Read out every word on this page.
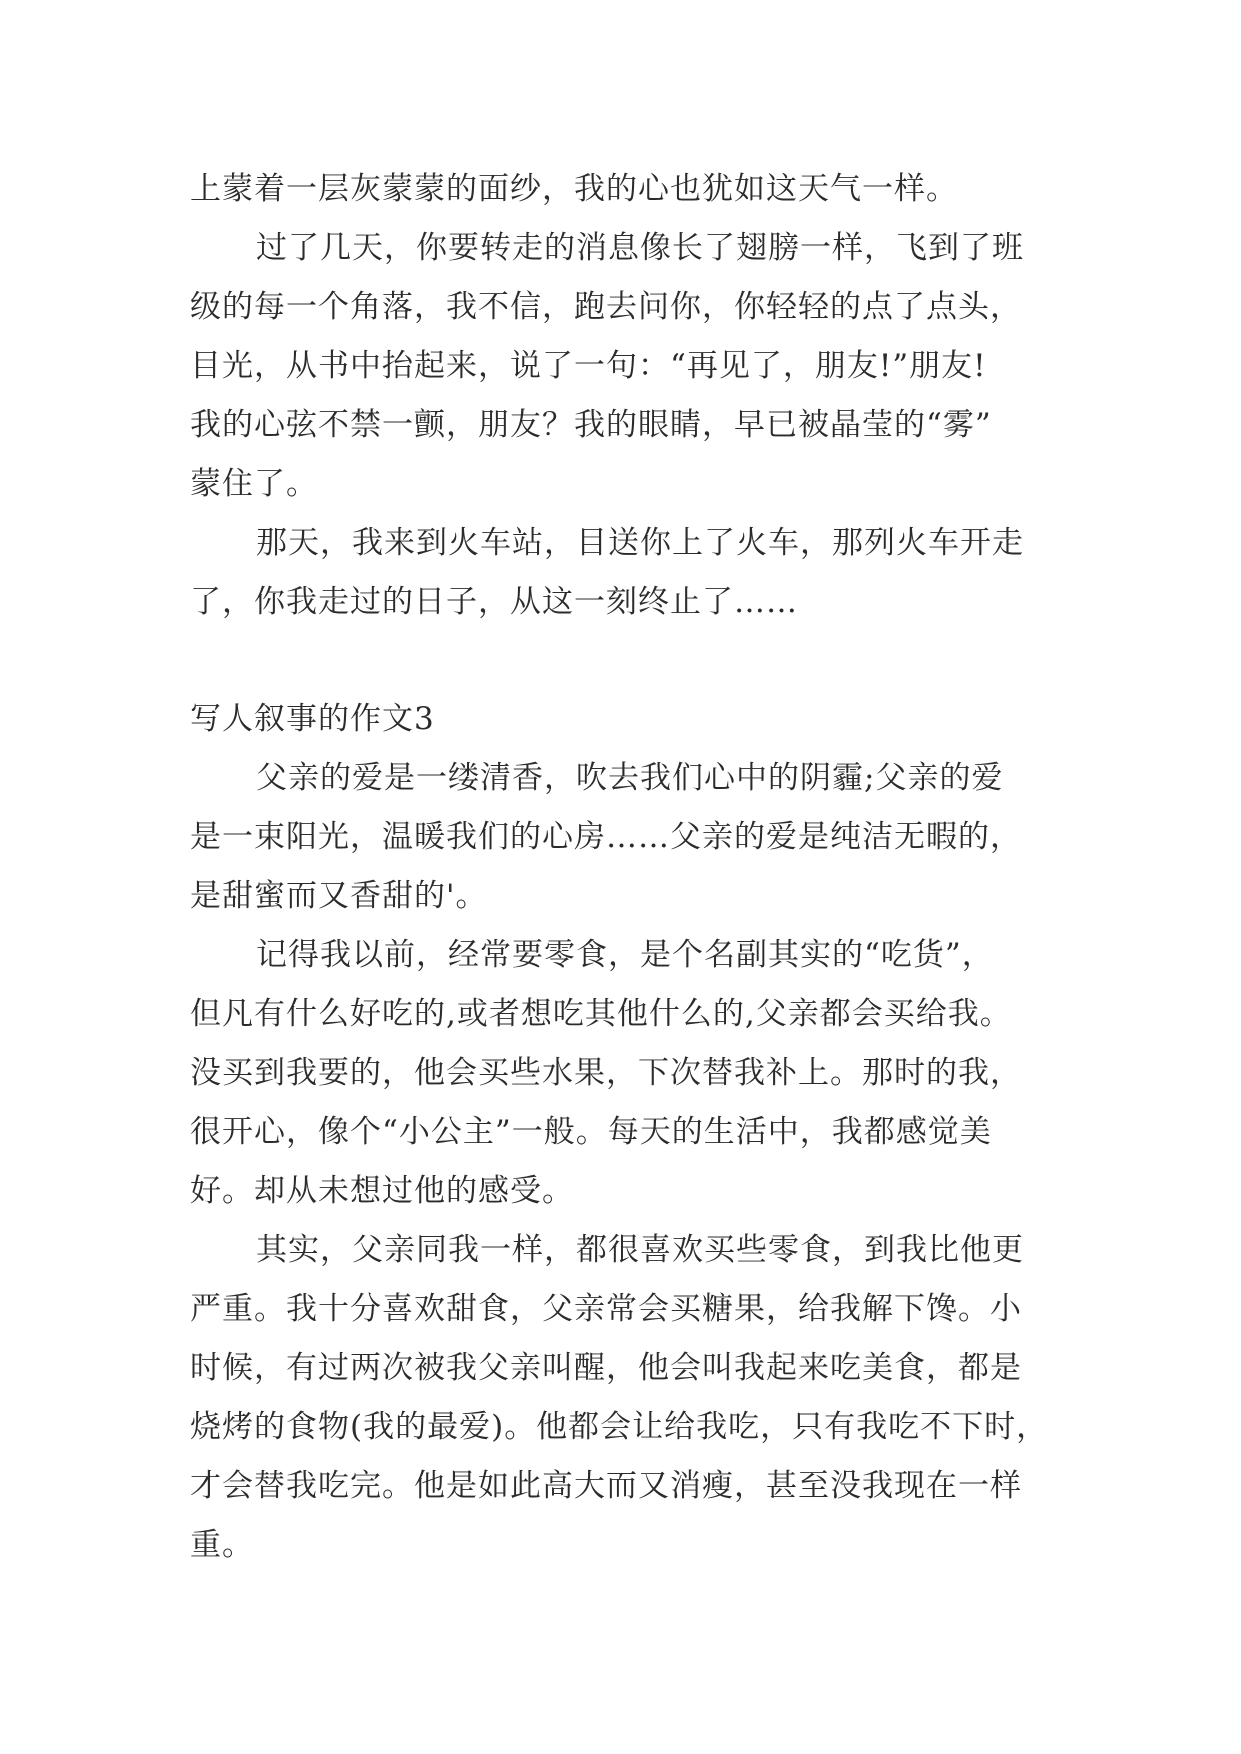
上蒙着一层灰蒙蒙的面纱，我的心也犹如这天气一样。
过了几天，你要转走的消息像长了翅膀一样，飞到了班
级的每一个角落，我不信，跑去问你，你轻轻的点了点头，
目光，从书中抬起来，说了一句：“再见了，朋友!”朋友!
我的心弦不禁一颤，朋友？我的眼睛，早已被晶莹的“雾”
蒙住了。
那天，我来到火车站，目送你上了火车，那列火车开走
了，你我走过的日子，从这一刻终止了……
写人叙事的作文3
父亲的爱是一缕清香，吹去我们心中的阴霾;父亲的爱
是一束阳光，温暖我们的心房……父亲的爱是纯洁无暇的，
是甜蜜而又香甜的'。
记得我以前，经常要零食，是个名副其实的“吃货”，
但凡有什么好吃的,或者想吃其他什么的,父亲都会买给我。
没买到我要的，他会买些水果，下次替我补上。那时的我，
很开心，像个“小公主”一般。每天的生活中，我都感觉美
好。却从未想过他的感受。
其实，父亲同我一样，都很喜欢买些零食，到我比他更
严重。我十分喜欢甜食，父亲常会买糖果，给我解下馋。小
时候，有过两次被我父亲叫醒，他会叫我起来吃美食，都是
烧烤的食物(我的最爱)。他都会让给我吃，只有我吃不下时，
才会替我吃完。他是如此高大而又消瘦，甚至没我现在一样
重。
